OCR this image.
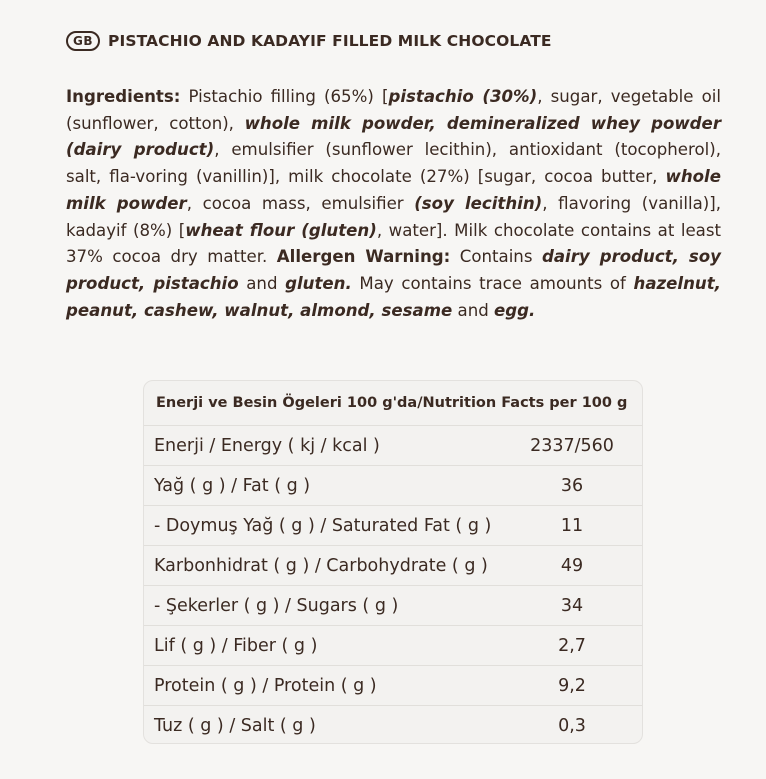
GB PISTACHIO AND KADAYIF FILLED MILK CHOCOLATE
Ingredients: Pistachio filling (65%) [pistachio (30%), sugar, vegetable oil (sunflower, cotton), whole milk powder, demineralized whey powder (dairy product), emulsifier (sunflower lecithin), antioxidant (tocopherol), salt, fla-voring (vanillin)], milk chocolate (27%) [sugar, cocoa butter, whole milk powder, cocoa mass, emulsifier (soy lecithin), flavoring (vanilla)], kadayif (8%) [wheat flour (gluten), water]. Milk chocolate contains at least 37% cocoa dry matter. Allergen Warning: Contains dairy product, soy product, pistachio and gluten. May contains trace amounts of hazelnut, peanut, cashew, walnut, almond, sesame and egg.
Enerji ve Besin Ögeleri 100 g'da/Nutrition Facts per 100 g
Enerji / Energy ( kj / kcal )	2337/560
Yağ ( g ) / Fat ( g )	36
- Doymuş Yağ ( g ) / Saturated Fat ( g )	11
Karbonhidrat ( g ) / Carbohydrate ( g )	49
- Şekerler ( g ) / Sugars ( g )	34
Lif ( g ) / Fiber ( g )	2,7
Protein ( g ) / Protein ( g )	9,2
Tuz ( g ) / Salt ( g )	0,3
